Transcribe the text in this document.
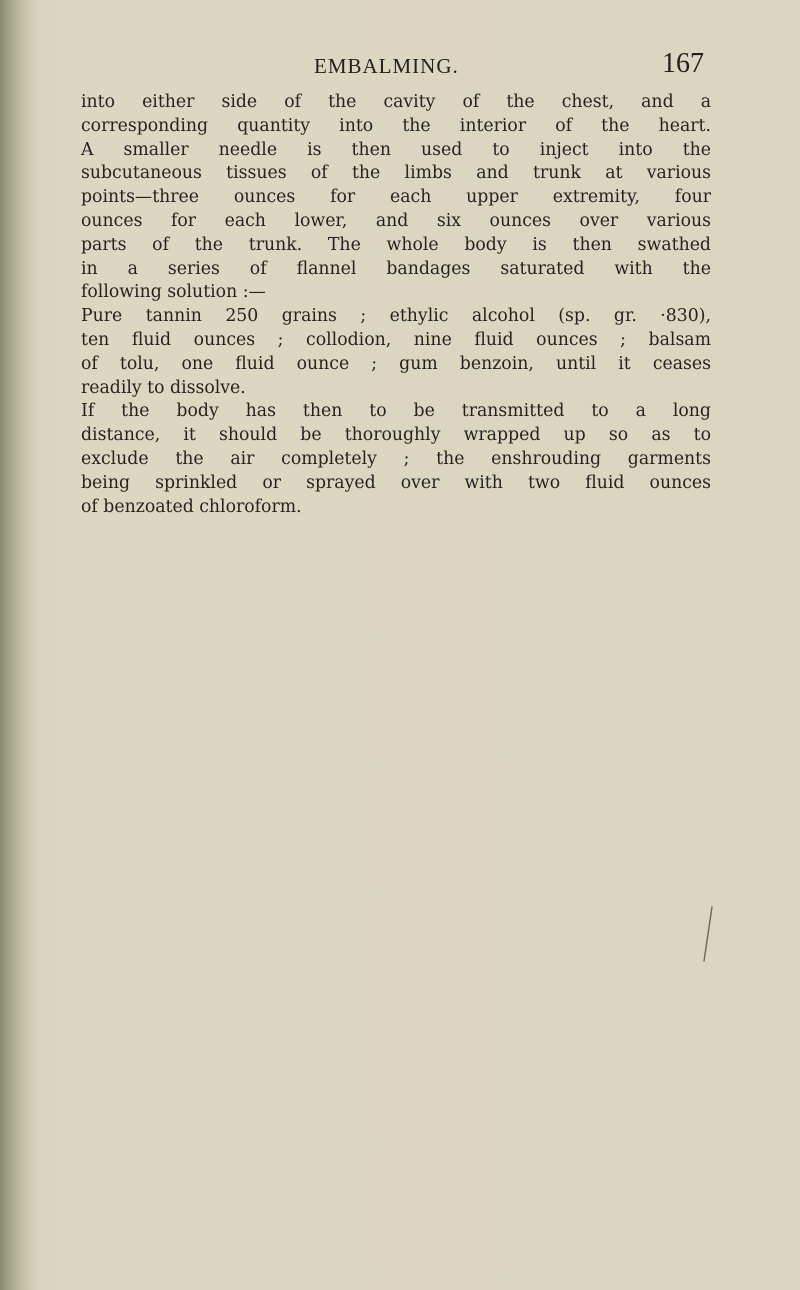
EMBALMING.	167

into either side of the cavity of the chest, and a
corresponding quantity into the interior of the heart.
A smaller needle is then used to inject into the
subcutaneous tissues of the limbs and trunk at various
points—three ounces for each upper extremity, four
ounces for each lower, and six ounces over various
parts of the trunk. The whole body is then swathed
in a series of flannel bandages saturated with the
following solution :—

Pure tannin 250 grains ; ethylic alcohol (sp. gr. ·830),
ten fluid ounces ; collodion, nine fluid ounces ; balsam
of tolu, one fluid ounce ; gum benzoin, until it ceases
readily to dissolve.

If the body has then to be transmitted to a long
distance, it should be thoroughly wrapped up so as to
exclude the air completely ; the enshrouding garments
being sprinkled or sprayed over with two fluid ounces
of benzoated chloroform.
